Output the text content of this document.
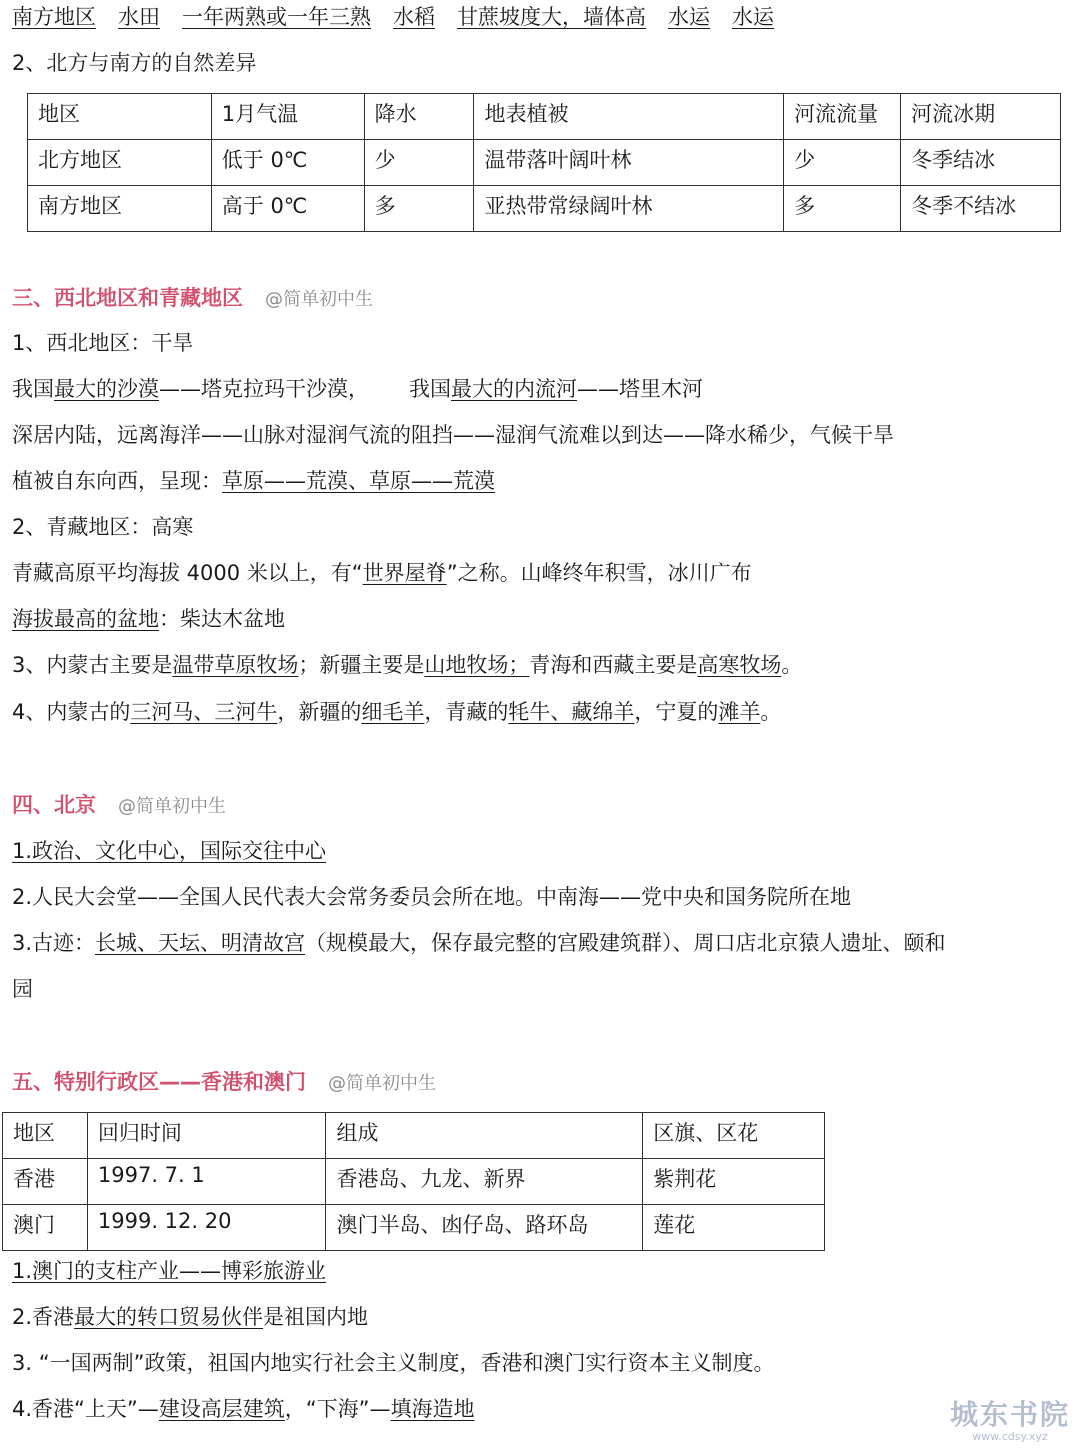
南方地区 水田 一年两熟或一年三熟 水稻 甘蔗坡度大，墙体高 水运 水运
2、北方与南方的自然差异
地区	1月气温	降水	地表植被	河流流量	河流冰期
北方地区	低于 0℃	少	温带落叶阔叶林	少	冬季结冰
南方地区	高于 0℃	多	亚热带常绿阔叶林	多	冬季不结冰
三、西北地区和青藏地区 @简单初中生
1、西北地区：干旱
我国最大的沙漠——塔克拉玛干沙漠， 我国最大的内流河——塔里木河
深居内陆，远离海洋——山脉对湿润气流的阻挡——湿润气流难以到达——降水稀少，气候干旱
植被自东向西，呈现：草原——荒漠、草原——荒漠
2、青藏地区：高寒
青藏高原平均海拔 4000 米以上，有“世界屋脊”之称。山峰终年积雪，冰川广布
海拔最高的盆地：柴达木盆地
3、内蒙古主要是温带草原牧场；新疆主要是山地牧场；青海和西藏主要是高寒牧场。
4、内蒙古的三河马、三河牛，新疆的细毛羊，青藏的牦牛、藏绵羊，宁夏的滩羊。
四、北京 @简单初中生
1.政治、文化中心，国际交往中心
2.人民大会堂——全国人民代表大会常务委员会所在地。中南海——党中央和国务院所在地
3.古迹：长城、天坛、明清故宫（规模最大，保存最完整的宫殿建筑群）、周口店北京猿人遗址、颐和
园
五、特别行政区——香港和澳门 @简单初中生
地区	回归时间	组成	区旗、区花
香港	1997. 7. 1	香港岛、九龙、新界	紫荆花
澳门	1999. 12. 20	澳门半岛、凼仔岛、路环岛	莲花
1.澳门的支柱产业——博彩旅游业
2.香港最大的转口贸易伙伴是祖国内地
3. “一国两制”政策，祖国内地实行社会主义制度，香港和澳门实行资本主义制度。
4.香港“上天”—建设高层建筑，“下海”—填海造地	城东书院
www.cdsy.xyz
